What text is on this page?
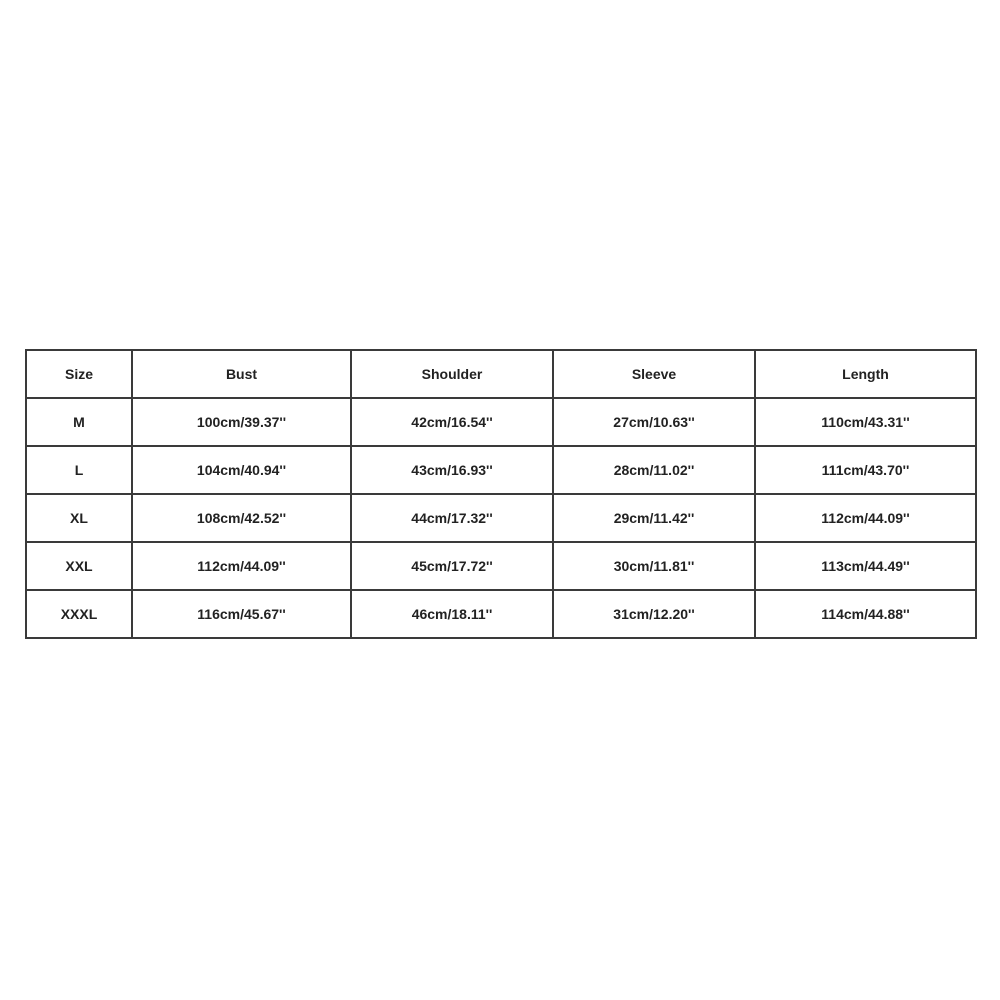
Size	Bust	Shoulder	Sleeve	Length
M	100cm/39.37''	42cm/16.54''	27cm/10.63''	110cm/43.31''
L	104cm/40.94''	43cm/16.93''	28cm/11.02''	111cm/43.70''
XL	108cm/42.52''	44cm/17.32''	29cm/11.42''	112cm/44.09''
XXL	112cm/44.09''	45cm/17.72''	30cm/11.81''	113cm/44.49''
XXXL	116cm/45.67''	46cm/18.11''	31cm/12.20''	114cm/44.88''
